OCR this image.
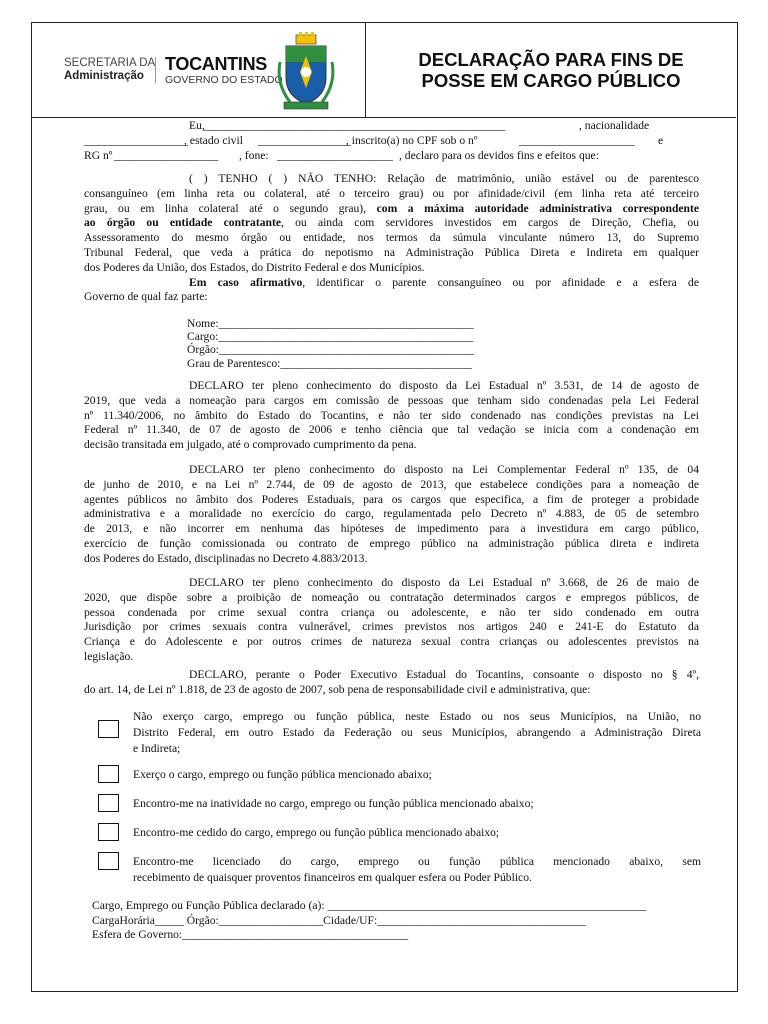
SECRETARIA DA
Administração
TOCANTINS
GOVERNO DO ESTADO
DECLARAÇÃO PARA FINS DE
POSSE EM CARGO PÚBLICO
Eu, ____________________________________________________	, nacionalidade
__________________
, estado civil ________________
, inscrito(a) no CPF sob o nº	____________________ e
RG nº __________________ , fone: ____________________ , declaro para os devidos fins e efeitos que:
( ) TENHO ( ) NÃO TENHO: Relação de matrimônio, união estável ou de parentesco
consanguíneo (em linha reta ou colateral, até o terceiro grau) ou por afinidade/civil (em linha reta até terceiro
grau, ou em linha colateral até o segundo grau), com a máxima autoridade administrativa correspondente
ao órgão ou entidade contratante, ou ainda com servidores investidos em cargos de Direção, Chefia, ou
Assessoramento do mesmo órgão ou entidade, nos termos da súmula vinculante número 13, do Supremo
Tribunal Federal, que veda a prática do nepotismo na Administração Pública Direta e Indireta em qualquer
dos Poderes da União, dos Estados, do Distrito Federal e dos Municípios.
Em caso afirmativo, identificar o parente consanguíneo ou por afinidade e a esfera de
Governo de qual faz parte:
Nome:____________________________________________
Cargo:____________________________________________
Órgão:____________________________________________
Grau de Parentesco:_________________________________
DECLARO ter pleno conhecimento do disposto da Lei Estadual nº 3.531, de 14 de agosto de
2019, que veda a nomeação para cargos em comissão de pessoas que tenham sido condenadas pela Lei Federal
nº 11.340/2006, no âmbito do Estado do Tocantins, e não ter sido condenado nas condições previstas na Lei
Federal nº 11.340, de 07 de agosto de 2006 e tenho ciência que tal vedação se inicia com a condenação em
decisão transitada em julgado, até o comprovado cumprimento da pena.
DECLARO ter pleno conhecimento do disposto na Lei Complementar Federal nº 135, de 04
de junho de 2010, e na Lei nº 2.744, de 09 de agosto de 2013, que estabelece condições para a nomeação de
agentes públicos no âmbito dos Poderes Estaduais, para os cargos que especifica, a fim de proteger a probidade
administrativa e a moralidade no exercício do cargo, regulamentada pelo Decreto nº 4.883, de 05 de setembro
de 2013, e não incorrer em nenhuma das hipóteses de impedimento para a investidura em cargo público,
exercício de função comissionada ou contrato de emprego público na administração pública direta e indireta
dos Poderes do Estado, disciplinadas no Decreto 4.883/2013.
DECLARO ter pleno conhecimento do disposto da Lei Estadual nº 3.668, de 26 de maio de
2020, que dispõe sobre a proibição de nomeação ou contratação determinados cargos e empregos públicos, de
pessoa condenada por crime sexual contra criança ou adolescente, e não ter sido condenado em outra
Jurisdição por crimes sexuais contra vulnerável, crimes previstos nos artigos 240 e 241-E do Estatuto da
Criança e do Adolescente e por outros crimes de natureza sexual contra crianças ou adolescentes previstos na
legislação.
DECLARO, perante o Poder Executivo Estadual do Tocantins, consoante o disposto no § 4º,
do art. 14, de Lei nº 1.818, de 23 de agosto de 2007, sob pena de responsabilidade civil e administrativa, que:
Não exerço cargo, emprego ou função pública, neste Estado ou nos seus Municípios, na União, no
Distrito Federal, em outro Estado da Federação ou seus Municípios, abrangendo a Administração Direta
e Indireta;
Exerço o cargo, emprego ou função pública mencionado abaixo;
Encontro-me na inatividade no cargo, emprego ou função pública mencionado abaixo;
Encontro-me cedido do cargo, emprego ou função pública mencionado abaixo;
Encontro-me licenciado do cargo, emprego ou função pública mencionado abaixo, sem
recebimento de quaisquer proventos financeiros em qualquer esfera ou Poder Público.
Cargo, Emprego ou Função Pública declarado (a): _______________________________________________________
CargaHorária_____ Órgão:__________________Cidade/UF:____________________________________
Esfera de Governo:_______________________________________
